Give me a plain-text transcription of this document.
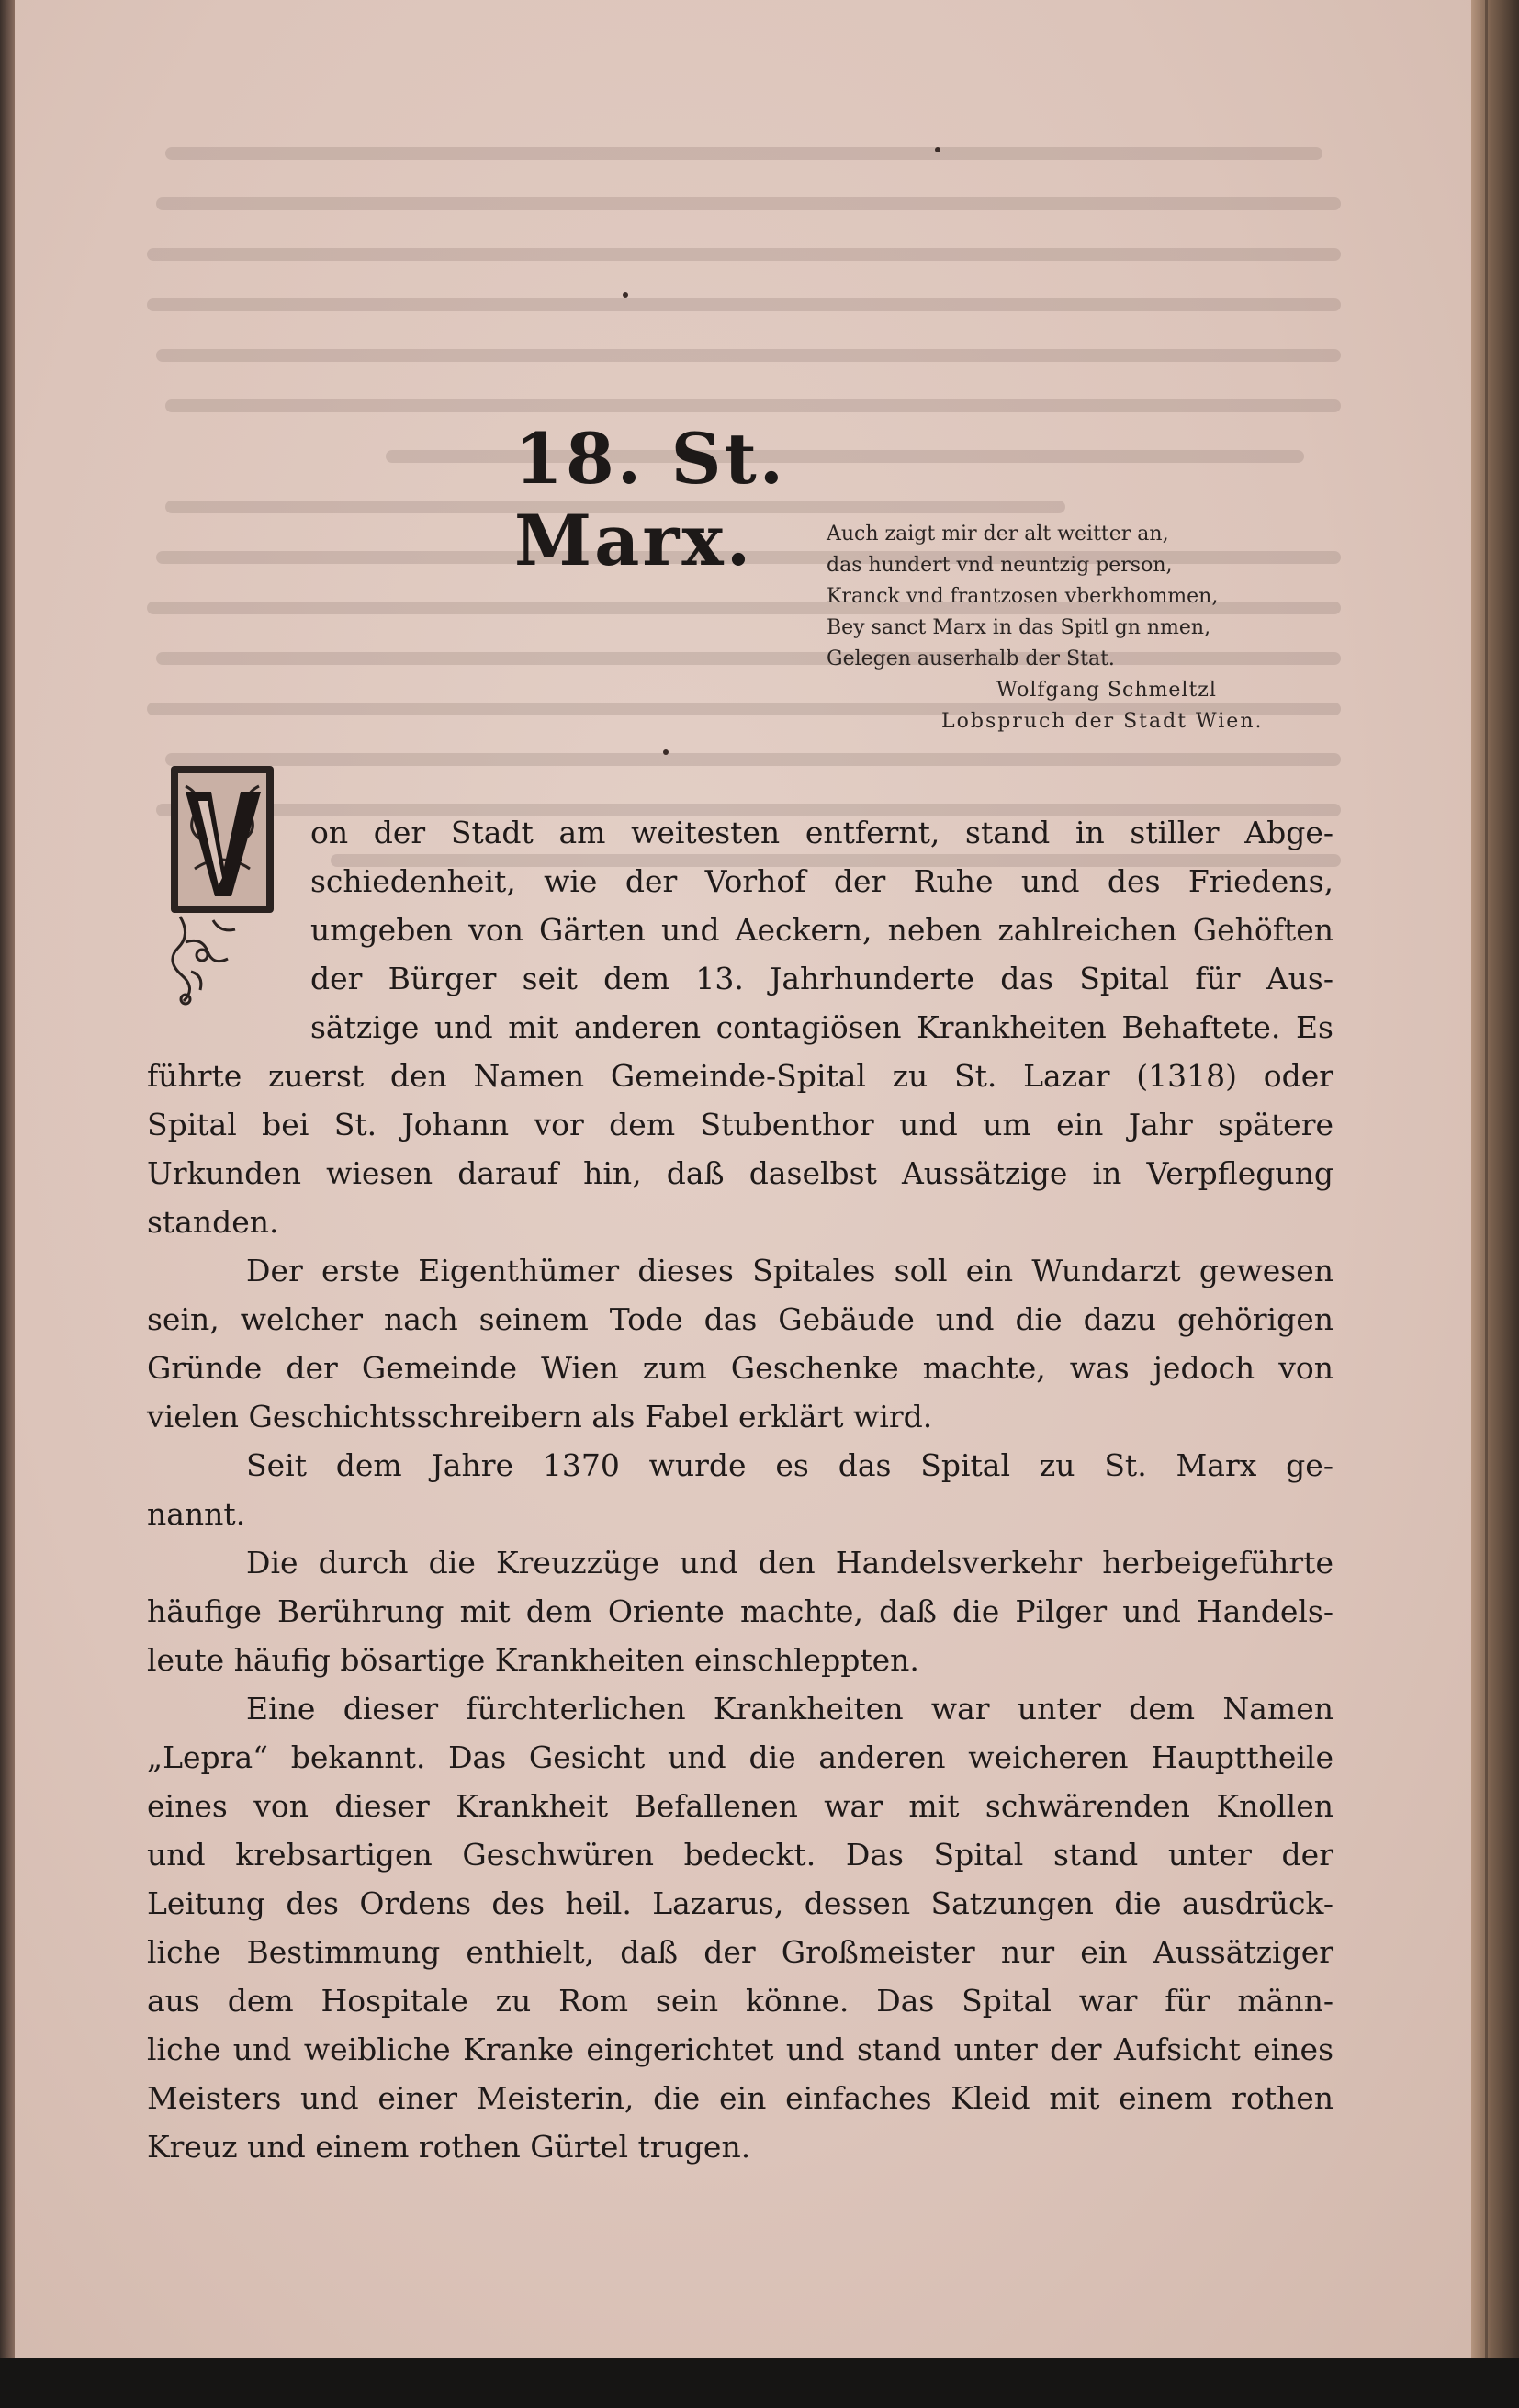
18. St. Marx.	Auch zaigt mir der alt weitter an,
das hundert vnd neuntzig person,
Kranck vnd frantzosen vberkhommen,
Bey sanct Marx in das Spitl gn nmen,
Gelegen auserhalb der Stat.
Wolfgang Schmeltzl
Lobspruch der Stadt Wien.
on der Stadt am weitesten entfernt, stand in stiller Abge-
schiedenheit, wie der Vorhof der Ruhe und des Friedens,
umgeben von Gärten und Aeckern, neben zahlreichen Gehöften
der Bürger seit dem 13. Jahrhunderte das Spital für Aus-
sätzige und mit anderen contagiösen Krankheiten Behaftete. Es
führte zuerst den Namen Gemeinde-Spital zu St. Lazar (1318) oder
Spital bei St. Johann vor dem Stubenthor und um ein Jahr spätere
Urkunden wiesen darauf hin, daß daselbst Aussätzige in Verpflegung
standen.
Der erste Eigenthümer dieses Spitales soll ein Wundarzt gewesen
sein, welcher nach seinem Tode das Gebäude und die dazu gehörigen
Gründe der Gemeinde Wien zum Geschenke machte, was jedoch von
vielen Geschichtsschreibern als Fabel erklärt wird.
Seit dem Jahre 1370 wurde es das Spital zu St. Marx ge-
nannt.
Die durch die Kreuzzüge und den Handelsverkehr herbeigeführte
häufige Berührung mit dem Oriente machte, daß die Pilger und Handels-
leute häufig bösartige Krankheiten einschleppten.
Eine dieser fürchterlichen Krankheiten war unter dem Namen
„Lepra“ bekannt. Das Gesicht und die anderen weicheren Haupttheile
eines von dieser Krankheit Befallenen war mit schwärenden Knollen
und krebsartigen Geschwüren bedeckt. Das Spital stand unter der
Leitung des Ordens des heil. Lazarus, dessen Satzungen die ausdrück-
liche Bestimmung enthielt, daß der Großmeister nur ein Aussätziger
aus dem Hospitale zu Rom sein könne. Das Spital war für männ-
liche und weibliche Kranke eingerichtet und stand unter der Aufsicht eines
Meisters und einer Meisterin, die ein einfaches Kleid mit einem rothen
Kreuz und einem rothen Gürtel trugen.
